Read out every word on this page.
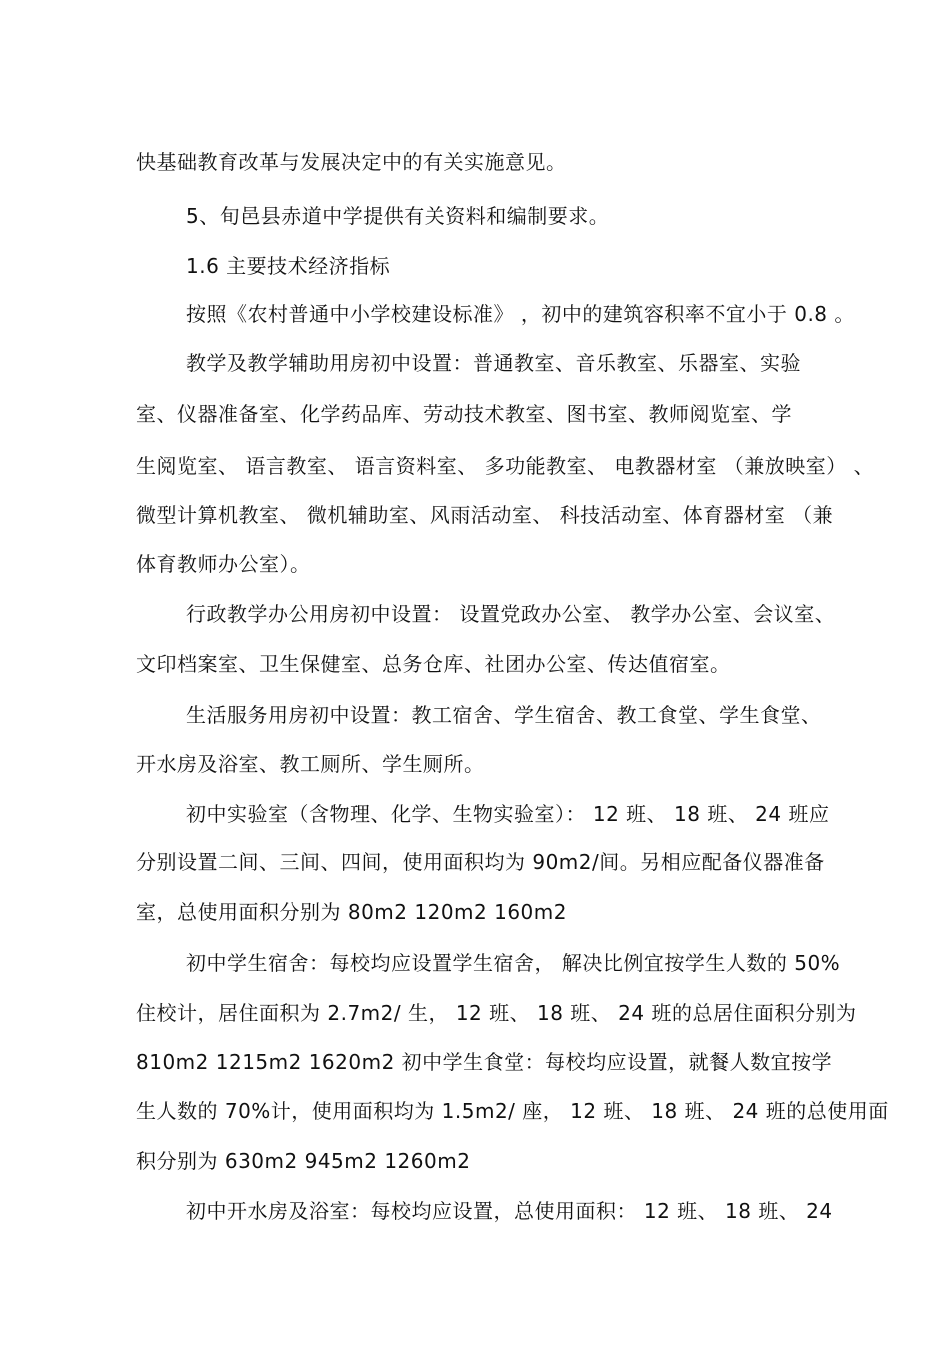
快基础教育改革与发展决定中的有关实施意见。
5、旬邑县赤道中学提供有关资料和编制要求。
1.6 主要技术经济指标
按照《农村普通中小学校建设标准》 ，初中的建筑容积率不宜小于 0.8 。
教学及教学辅助用房初中设置：普通教室、音乐教室、乐器室、实验
室、仪器准备室、化学药品库、劳动技术教室、图书室、教师阅览室、学
生阅览室、 语言教室、 语言资料室、 多功能教室、 电教器材室 （兼放映室） 、
微型计算机教室、 微机辅助室、风雨活动室、 科技活动室、体育器材室 （兼
体育教师办公室）。
行政教学办公用房初中设置： 设置党政办公室、 教学办公室、会议室、
文印档案室、卫生保健室、总务仓库、社团办公室、传达值宿室。
生活服务用房初中设置：教工宿舍、学生宿舍、教工食堂、学生食堂、
开水房及浴室、教工厕所、学生厕所。
初中实验室（含物理、化学、生物实验室）： 12 班、 18 班、 24 班应
分别设置二间、三间、四间，使用面积均为 90m2/间。另相应配备仪器准备
室，总使用面积分别为 80m2 120m2 160m2
初中学生宿舍：每校均应设置学生宿舍， 解决比例宜按学生人数的 50%
住校计，居住面积为 2.7m2/ 生， 12 班、 18 班、 24 班的总居住面积分别为
810m2 1215m2 1620m2 初中学生食堂：每校均应设置，就餐人数宜按学
生人数的 70%计，使用面积均为 1.5m2/ 座， 12 班、 18 班、 24 班的总使用面
积分别为 630m2 945m2 1260m2
初中开水房及浴室：每校均应设置，总使用面积： 12 班、 18 班、 24
